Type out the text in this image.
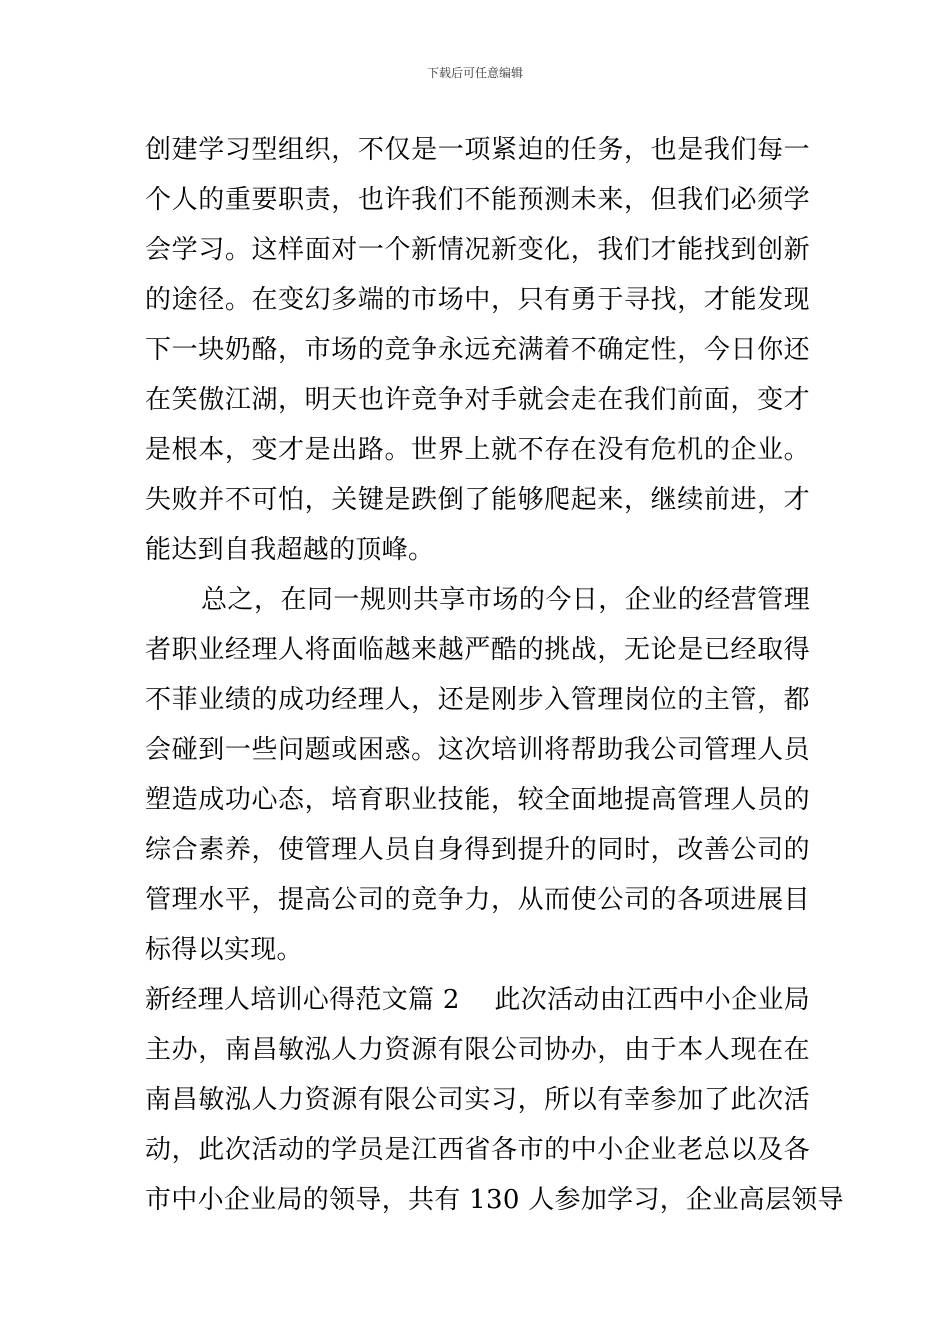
下载后可任意编辑
创建学习型组织，不仅是一项紧迫的任务，也是我们每一
个人的重要职责，也许我们不能预测未来，但我们必须学
会学习。这样面对一个新情况新变化，我们才能找到创新
的途径。在变幻多端的市场中，只有勇于寻找，才能发现
下一块奶酪，市场的竞争永远充满着不确定性，今日你还
在笑傲江湖，明天也许竞争对手就会走在我们前面，变才
是根本，变才是出路。世界上就不存在没有危机的企业。
失败并不可怕，关键是跌倒了能够爬起来，继续前进，才
能达到自我超越的顶峰。
总之，在同一规则共享市场的今日，企业的经营管理
者职业经理人将面临越来越严酷的挑战，无论是已经取得
不菲业绩的成功经理人，还是刚步入管理岗位的主管，都
会碰到一些问题或困惑。这次培训将帮助我公司管理人员
塑造成功心态，培育职业技能，较全面地提高管理人员的
综合素养，使管理人员自身得到提升的同时，改善公司的
管理水平，提高公司的竞争力，从而使公司的各项进展目
标得以实现。
新经理人培训心得范文篇 2 此次活动由江西中小企业局
主办，南昌敏泓人力资源有限公司协办，由于本人现在在
南昌敏泓人力资源有限公司实习，所以有幸参加了此次活
动，此次活动的学员是江西省各市的中小企业老总以及各
市中小企业局的领导，共有 130 人参加学习，企业高层领导
